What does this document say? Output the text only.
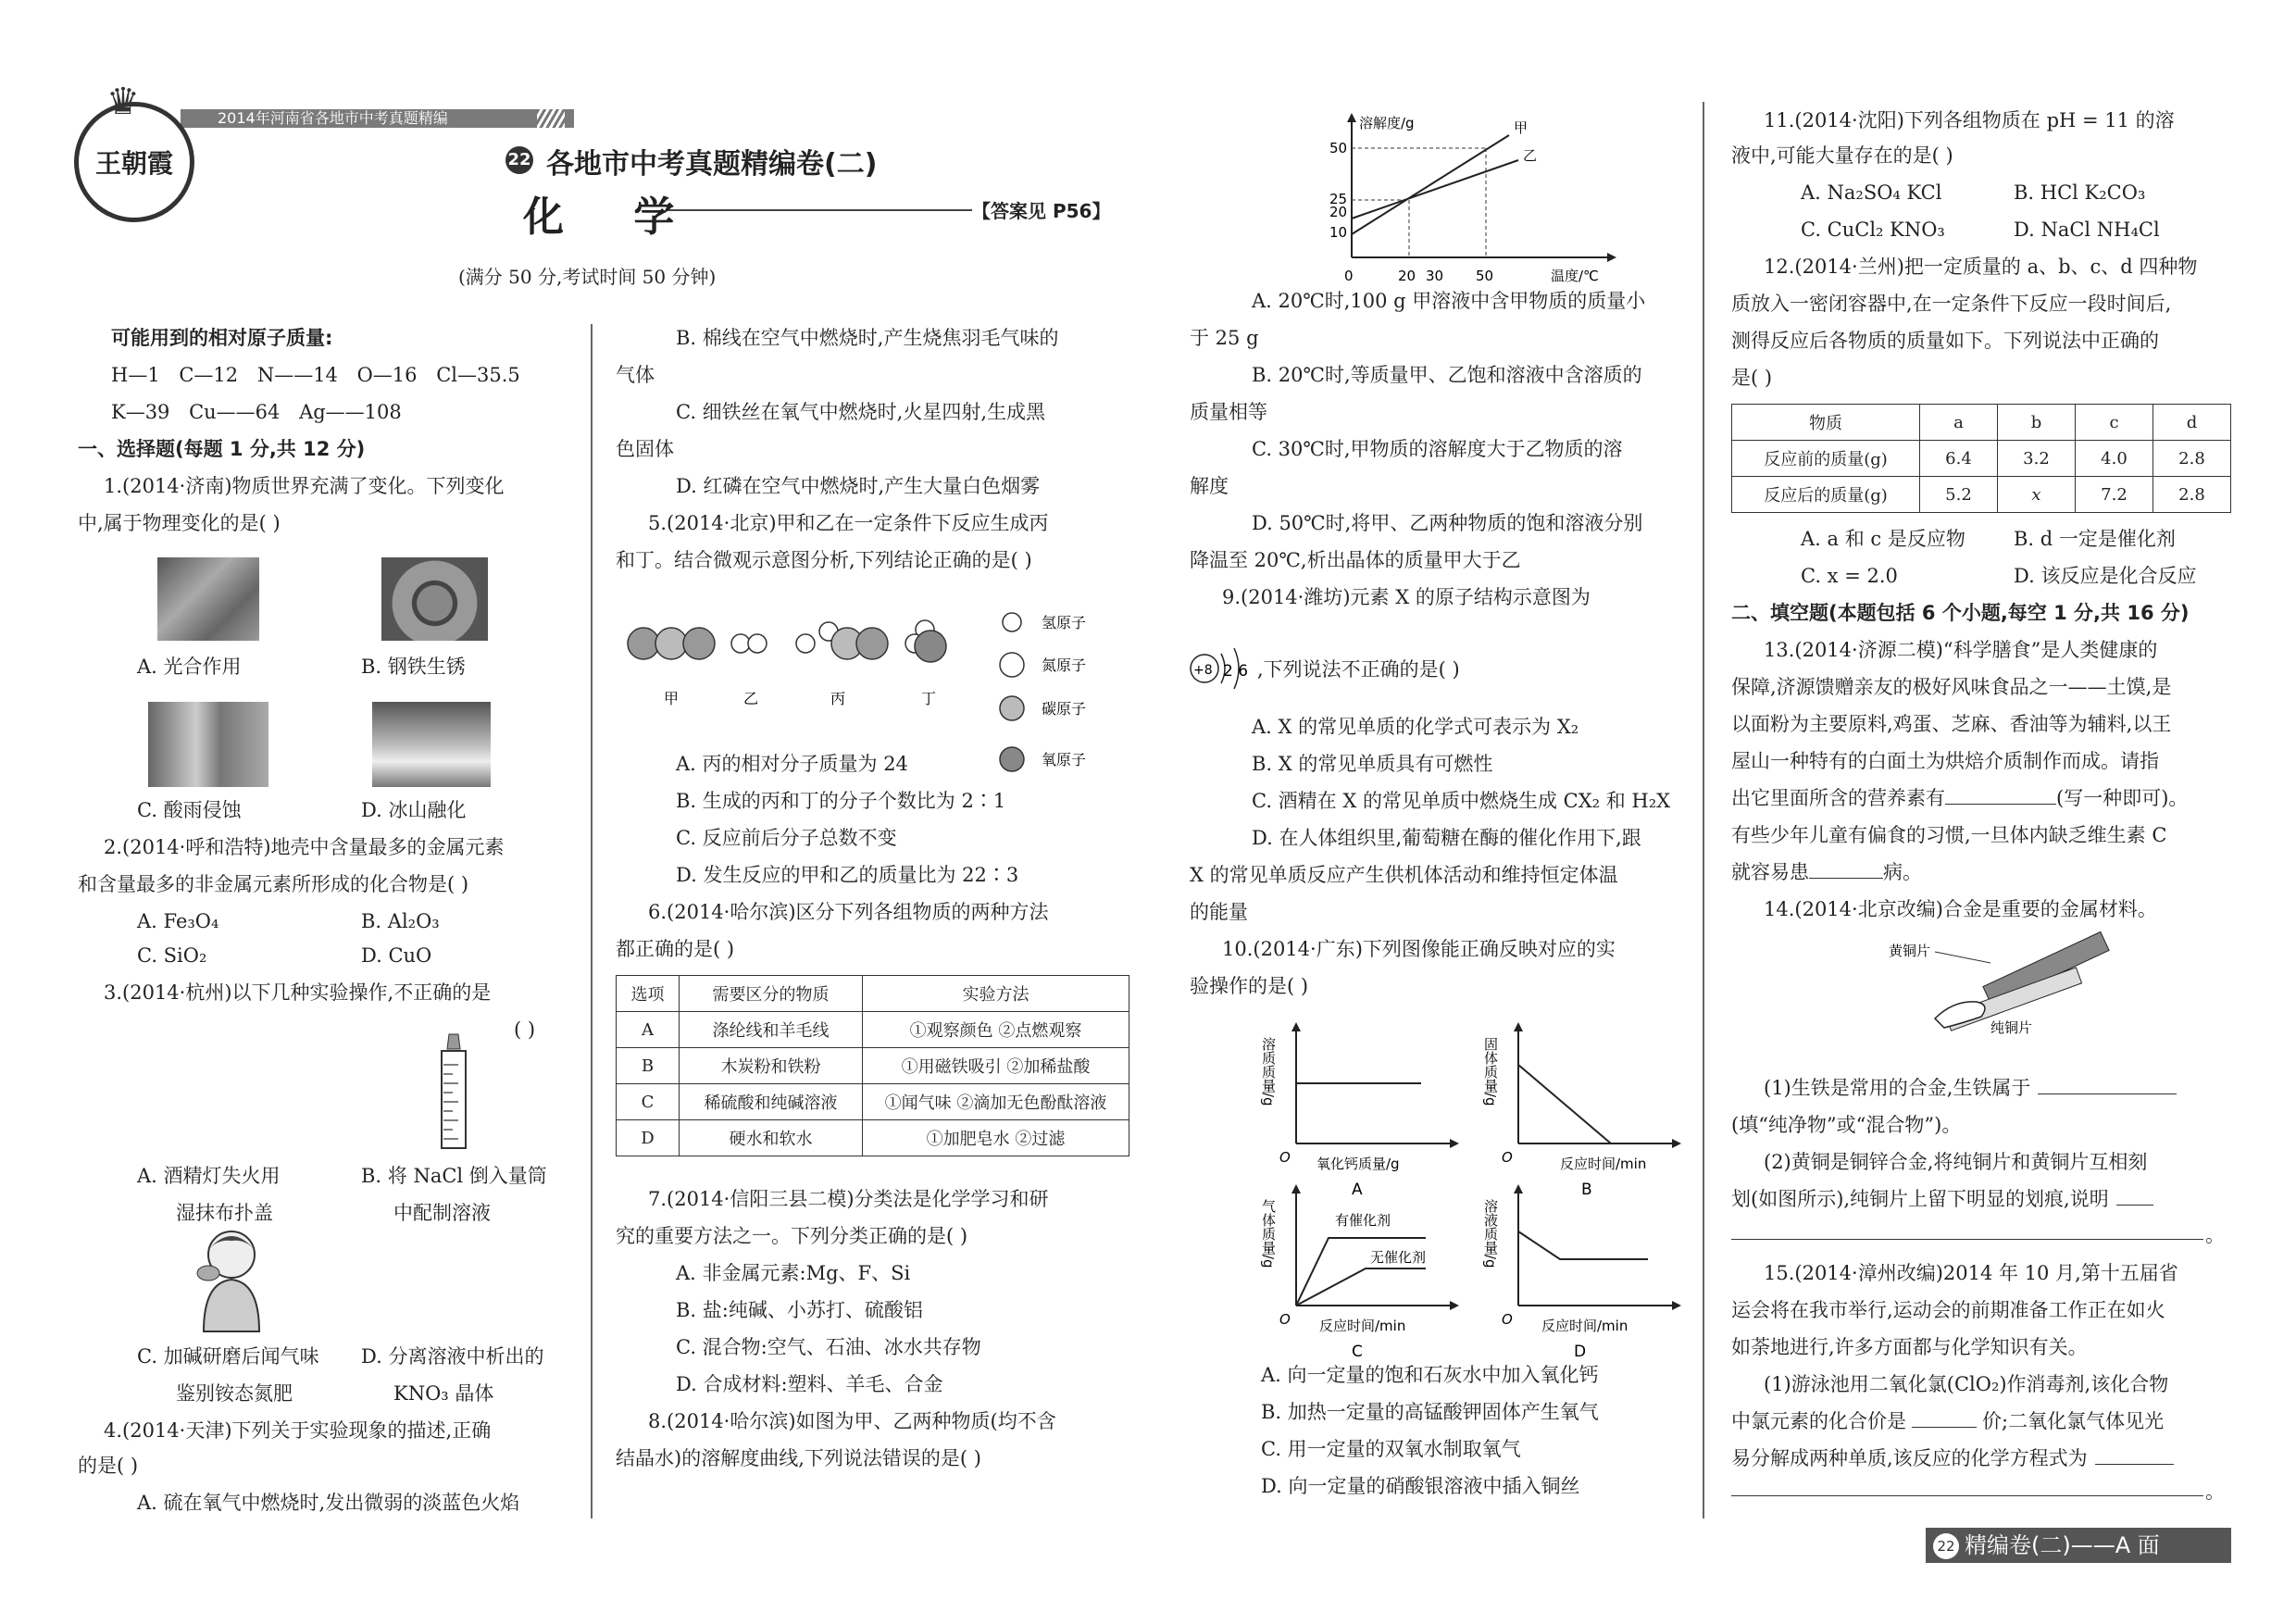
2014年河南省各地市中考真题精编
♛
王朝霞	22 各地市中考真题精编卷(二)
化 学	【答案见 P56】
(满分 50 分,考试时间 50 分钟)
可能用到的相对原子质量:
H—1 C—12 N——14 O—16 Cl—35.5
K—39 Cu——64 Ag——108
一、选择题(每题 1 分,共 12 分)
1.(2014·济南)物质世界充满了变化。下列变化
中,属于物理变化的是( )
A. 光合作用	B. 钢铁生锈
C. 酸雨侵蚀	D. 冰山融化
2.(2014·呼和浩特)地壳中含量最多的金属元素
和含量最多的非金属元素所形成的化合物是( )
A. Fe₃O₄	B. Al₂O₃
C. SiO₂	D. CuO
3.(2014·杭州)以下几种实验操作,不正确的是
( )
A. 酒精灯失火用
湿抹布扑盖
B. 将 NaCl 倒入量筒
中配制溶液
C. 加碱研磨后闻气味
鉴别铵态氮肥
D. 分离溶液中析出的
KNO₃ 晶体
4.(2014·天津)下列关于实验现象的描述,正确
的是( )
A. 硫在氧气中燃烧时,发出微弱的淡蓝色火焰
B. 棉线在空气中燃烧时,产生烧焦羽毛气味的
气体
C. 细铁丝在氧气中燃烧时,火星四射,生成黑
色固体
D. 红磷在空气中燃烧时,产生大量白色烟雾
5.(2014·北京)甲和乙在一定条件下反应生成丙
和丁。结合微观示意图分析,下列结论正确的是( )
甲	乙	丙	丁
氢原子
氮原子
碳原子
氧原子
A. 丙的相对分子质量为 24
B. 生成的丙和丁的分子个数比为 2∶1
C. 反应前后分子总数不变
D. 发生反应的甲和乙的质量比为 22∶3
6.(2014·哈尔滨)区分下列各组物质的两种方法
都正确的是( )
选项	需要区分的物质	实验方法
A	涤纶线和羊毛线	①观察颜色 ②点燃观察
B	木炭粉和铁粉	①用磁铁吸引 ②加稀盐酸
C	稀硫酸和纯碱溶液	①闻气味 ②滴加无色酚酞溶液
D	硬水和软水	①加肥皂水 ②过滤
7.(2014·信阳三县二模)分类法是化学学习和研
究的重要方法之一。下列分类正确的是( )
A. 非金属元素:Mg、F、Si
B. 盐:纯碱、小苏打、硫酸铝
C. 混合物:空气、石油、冰水共存物
D. 合成材料:塑料、羊毛、合金
8.(2014·哈尔滨)如图为甲、乙两种物质(均不含
结晶水)的溶解度曲线,下列说法错误的是( )
溶解度/g
温度/℃
50
25
20
10
0	20 30 50
甲
乙
A. 20℃时,100 g 甲溶液中含甲物质的质量小
于 25 g
B. 20℃时,等质量甲、乙饱和溶液中含溶质的
质量相等
C. 30℃时,甲物质的溶解度大于乙物质的溶
解度
D. 50℃时,将甲、乙两种物质的饱和溶液分别
降温至 20℃,析出晶体的质量甲大于乙
9.(2014·潍坊)元素 X 的原子结构示意图为
+8 2 6 ,下列说法不正确的是( )
A. X 的常见单质的化学式可表示为 X₂
B. X 的常见单质具有可燃性
C. 酒精在 X 的常见单质中燃烧生成 CX₂ 和 H₂X
D. 在人体组织里,葡萄糖在酶的催化作用下,跟
X 的常见单质反应产生供机体活动和维持恒定体温
的能量
10.(2014·广东)下列图像能正确反映对应的实
验操作的是( )
溶质质量/g
O 氧化钙质量/g
A
固体质量/g
O	反应时间/min
B
有催化剂
无催化剂
气体质量/g
O 反应时间/min
C
溶液质量/g
O 反应时间/min
D
A. 向一定量的饱和石灰水中加入氧化钙
B. 加热一定量的高锰酸钾固体产生氧气
C. 用一定量的双氧水制取氧气
D. 向一定量的硝酸银溶液中插入铜丝
11.(2014·沈阳)下列各组物质在 pH = 11 的溶
液中,可能大量存在的是( )
A. Na₂SO₄ KCl	B. HCl K₂CO₃
C. CuCl₂ KNO₃	D. NaCl NH₄Cl
12.(2014·兰州)把一定质量的 a、b、c、d 四种物
质放入一密闭容器中,在一定条件下反应一段时间后,
测得反应后各物质的质量如下。下列说法中正确的
是( )
物质	a	b	c	d
反应前的质量(g)	6.4	3.2	4.0	2.8
反应后的质量(g)	5.2	x	7.2	2.8
A. a 和 c 是反应物 B. d 一定是催化剂
C. x = 2.0	D. 该反应是化合反应
二、填空题(本题包括 6 个小题,每空 1 分,共 16 分)
13.(2014·济源二模)“科学膳食”是人类健康的
保障,济源馈赠亲友的极好风味食品之一——土馍,是
以面粉为主要原料,鸡蛋、芝麻、香油等为辅料,以王
屋山一种特有的白面土为烘焙介质制作而成。请指
出它里面所含的营养素有	(写一种即可)。
有些少年儿童有偏食的习惯,一旦体内缺乏维生素 C
就容易患	病。
14.(2014·北京改编)合金是重要的金属材料。
黄铜片
纯铜片
(1)生铁是常用的合金,生铁属于
(填“纯净物”或“混合物”)。
(2)黄铜是铜锌合金,将纯铜片和黄铜片互相刻
划(如图所示),纯铜片上留下明显的划痕,说明
。
15.(2014·漳州改编)2014 年 10 月,第十五届省
运会将在我市举行,运动会的前期准备工作正在如火
如荼地进行,许多方面都与化学知识有关。
(1)游泳池用二氧化氯(ClO₂)作消毒剂,该化合物
中氯元素的化合价是	价;二氧化氯气体见光
易分解成两种单质,该反应的化学方程式为
。
22 精编卷(二)——A 面
